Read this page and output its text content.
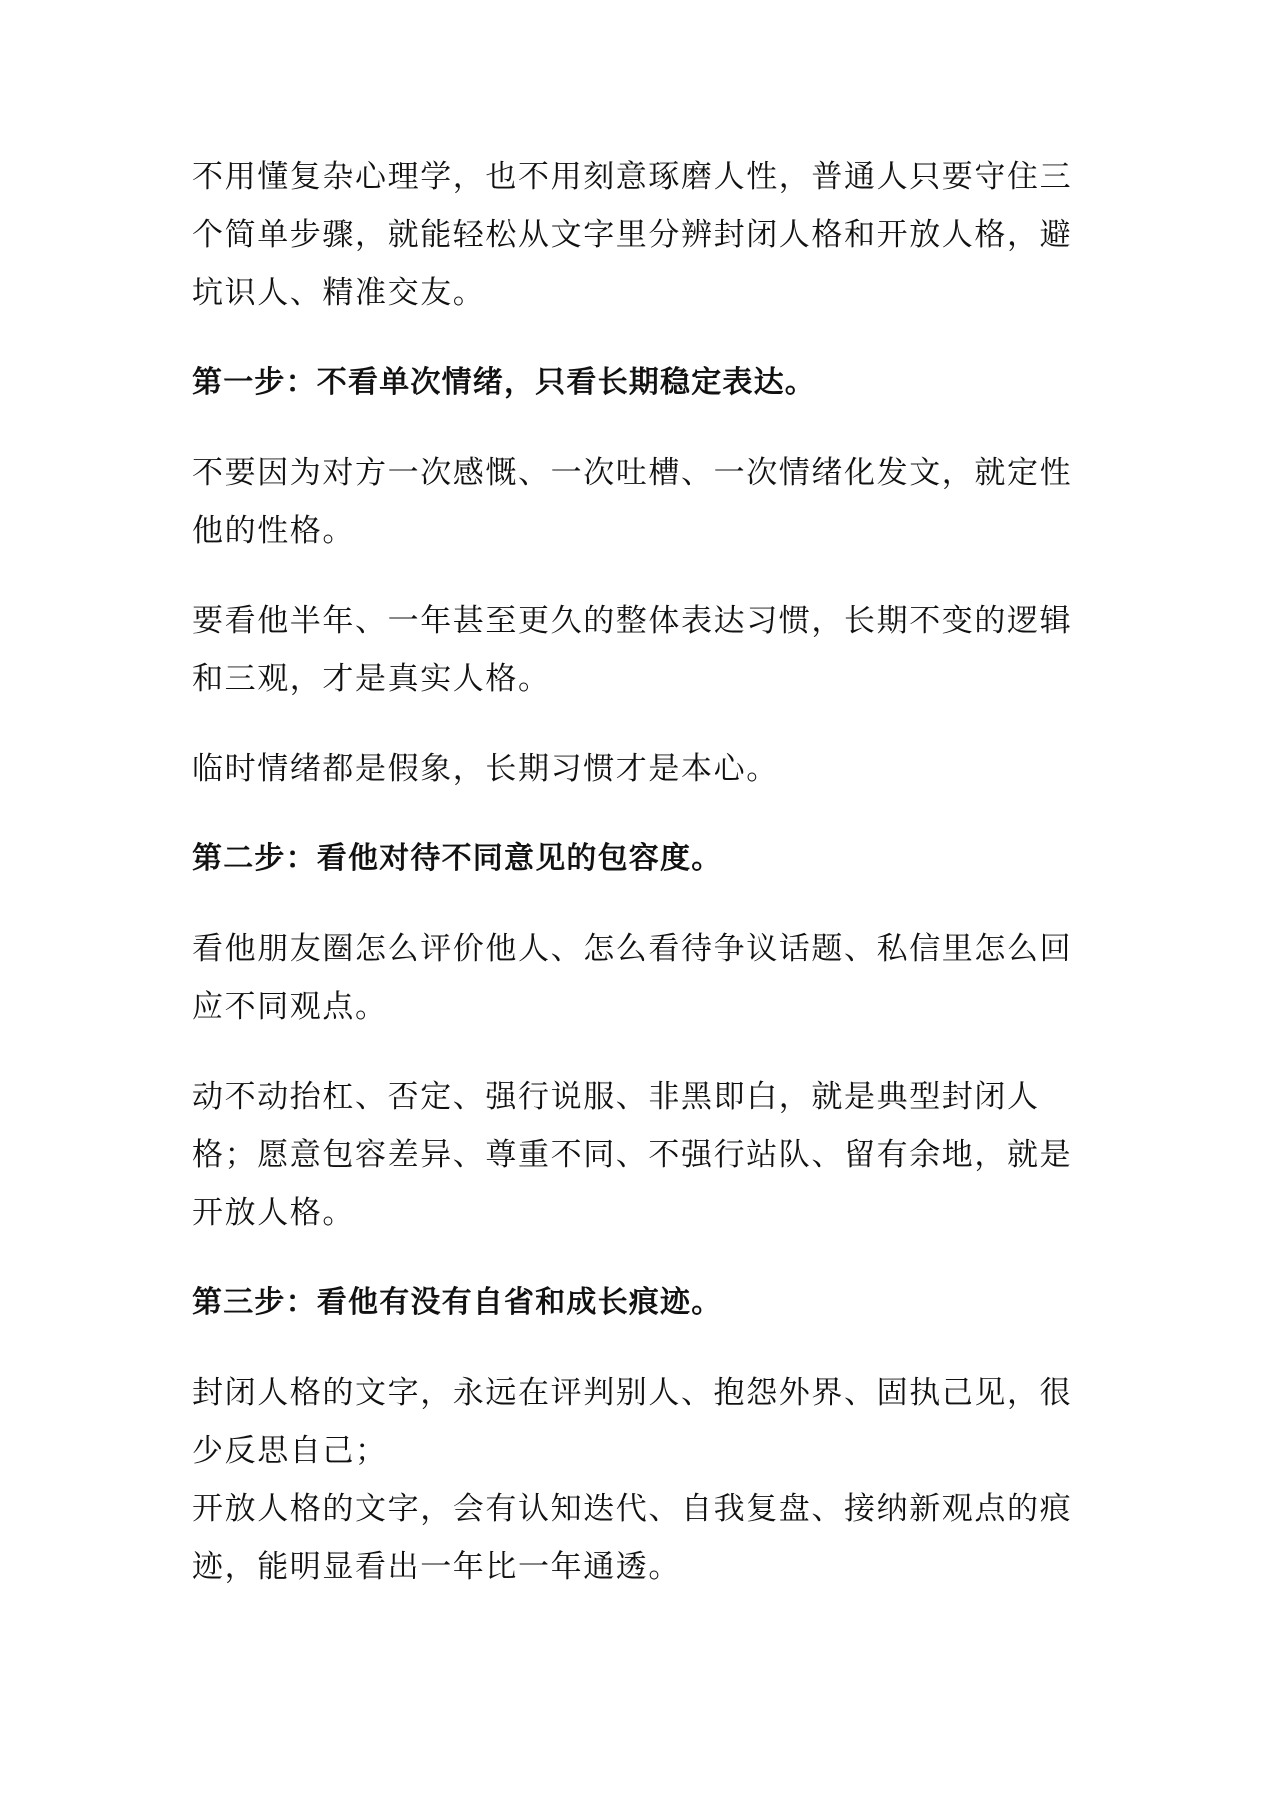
不用懂复杂心理学，也不用刻意琢磨人性，普通人只要守住三个简单步骤，就能轻松从文字里分辨封闭人格和开放人格，避坑识人、精准交友。

第一步：不看单次情绪，只看长期稳定表达。

不要因为对方一次感慨、一次吐槽、一次情绪化发文，就定性他的性格。

要看他半年、一年甚至更久的整体表达习惯，长期不变的逻辑和三观，才是真实人格。

临时情绪都是假象，长期习惯才是本心。

第二步：看他对待不同意见的包容度。

看他朋友圈怎么评价他人、怎么看待争议话题、私信里怎么回应不同观点。

动不动抬杠、否定、强行说服、非黑即白，就是典型封闭人格；愿意包容差异、尊重不同、不强行站队、留有余地，就是开放人格。

第三步：看他有没有自省和成长痕迹。

封闭人格的文字，永远在评判别人、抱怨外界、固执己见，很少反思自己；

开放人格的文字，会有认知迭代、自我复盘、接纳新观点的痕迹，能明显看出一年比一年通透。
